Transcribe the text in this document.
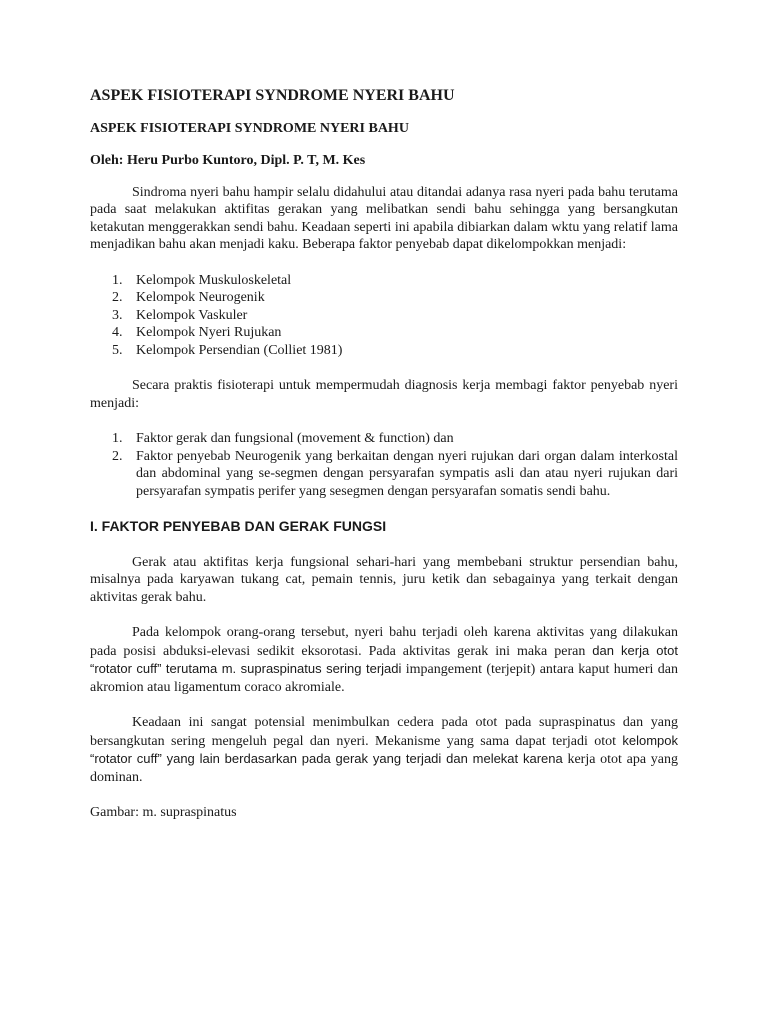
ASPEK FISIOTERAPI SYNDROME NYERI BAHU
ASPEK FISIOTERAPI SYNDROME NYERI BAHU

Oleh: Heru Purbo Kuntoro, Dipl. P. T, M. Kes

Sindroma nyeri bahu hampir selalu didahului atau ditandai adanya rasa nyeri pada bahu terutama pada saat melakukan aktifitas gerakan yang melibatkan sendi bahu sehingga yang bersangkutan ketakutan menggerakkan sendi bahu. Keadaan seperti ini apabila dibiarkan dalam wktu yang relatif lama menjadikan bahu akan menjadi kaku. Beberapa faktor penyebab dapat dikelompokkan menjadi:

1. Kelompok Muskuloskeletal
2. Kelompok Neurogenik
3. Kelompok Vaskuler
4. Kelompok Nyeri Rujukan
5. Kelompok Persendian (Colliet 1981)

Secara praktis fisioterapi untuk mempermudah diagnosis kerja membagi faktor penyebab nyeri menjadi:

1. Faktor gerak dan fungsional (movement & function) dan
2. Faktor penyebab Neurogenik yang berkaitan dengan nyeri rujukan dari organ dalam interkostal dan abdominal yang se-segmen dengan persyarafan sympatis asli dan atau nyeri rujukan dari persyarafan sympatis perifer yang sesegmen dengan persyarafan somatis sendi bahu.

I. FAKTOR PENYEBAB DAN GERAK FUNGSI

Gerak atau aktifitas kerja fungsional sehari-hari yang membebani struktur persendian bahu, misalnya pada karyawan tukang cat, pemain tennis, juru ketik dan sebagainya yang terkait dengan aktivitas gerak bahu.

Pada kelompok orang-orang tersebut, nyeri bahu terjadi oleh karena aktivitas yang dilakukan pada posisi abduksi-elevasi sedikit eksorotasi. Pada aktivitas gerak ini maka peran dan kerja otot “rotator cuff” terutama m. supraspinatus sering terjadi impangement (terjepit) antara kaput humeri dan akromion atau ligamentum coraco akromiale.

Keadaan ini sangat potensial menimbulkan cedera pada otot pada supraspinatus dan yang bersangkutan sering mengeluh pegal dan nyeri. Mekanisme yang sama dapat terjadi otot kelompok “rotator cuff” yang lain berdasarkan pada gerak yang terjadi dan melekat karena kerja otot apa yang dominan.

Gambar: m. supraspinatus
